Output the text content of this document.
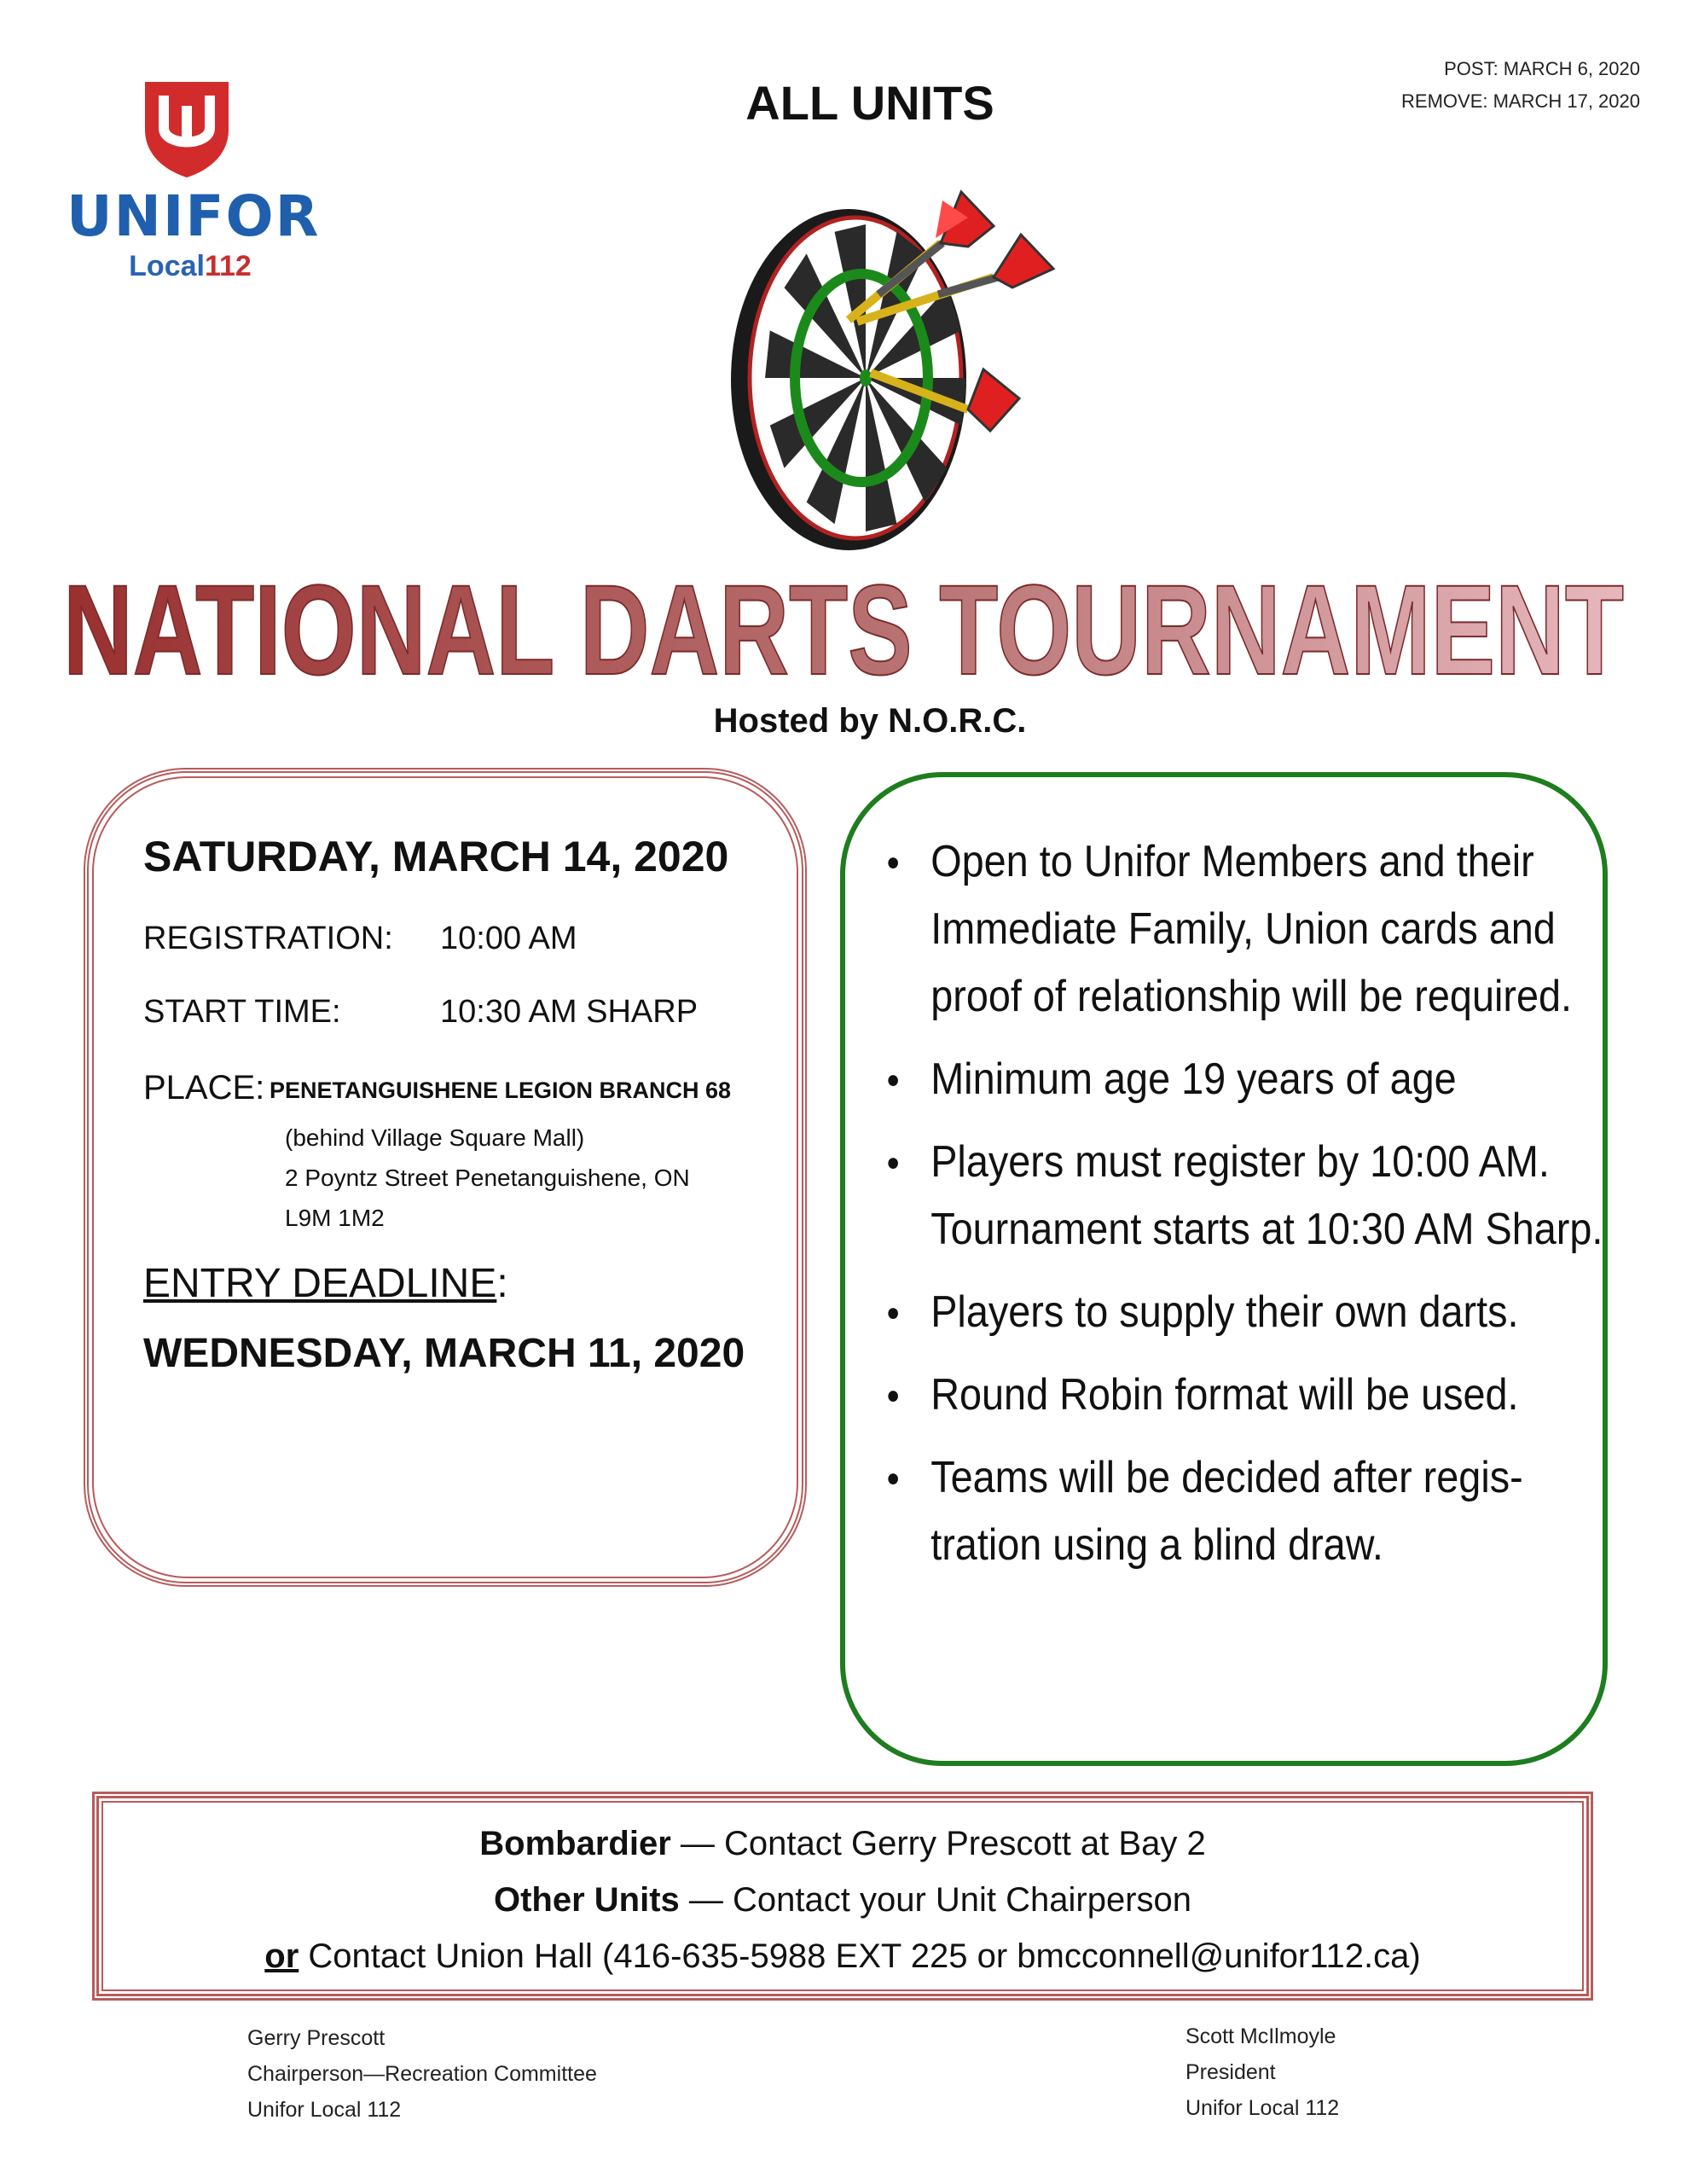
UNIFOR
Local112
ALL UNITS
POST: MARCH 6, 2020
REMOVE: MARCH 17, 2020
NATIONAL DARTS TOURNAMENT
Hosted by N.O.R.C.
SATURDAY, MARCH 14, 2020
REGISTRATION: 10:00 AM
START TIME:	10:30 AM SHARP
PLACE: PENETANGUISHENE LEGION BRANCH 68
(behind Village Square Mall)
2 Poyntz Street Penetanguishene, ON
L9M 1M2
ENTRY DEADLINE:
WEDNESDAY, MARCH 11, 2020
● Open to Unifor Members and their Immediate Family, Union cards and proof of relationship will be required.
● Minimum age 19 years of age
● Players must register by 10:00 AM. Tournament starts at 10:30 AM Sharp.
● Players to supply their own darts.
● Round Robin format will be used.
● Teams will be decided after regis-tration using a blind draw.
Bombardier — Contact Gerry Prescott at Bay 2
Other Units — Contact your Unit Chairperson
or Contact Union Hall (416-635-5988 EXT 225 or bmcconnell@unifor112.ca)
Gerry Prescott
Chairperson—Recreation Committee
Unifor Local 112
Scott McIlmoyle
President
Unifor Local 112
